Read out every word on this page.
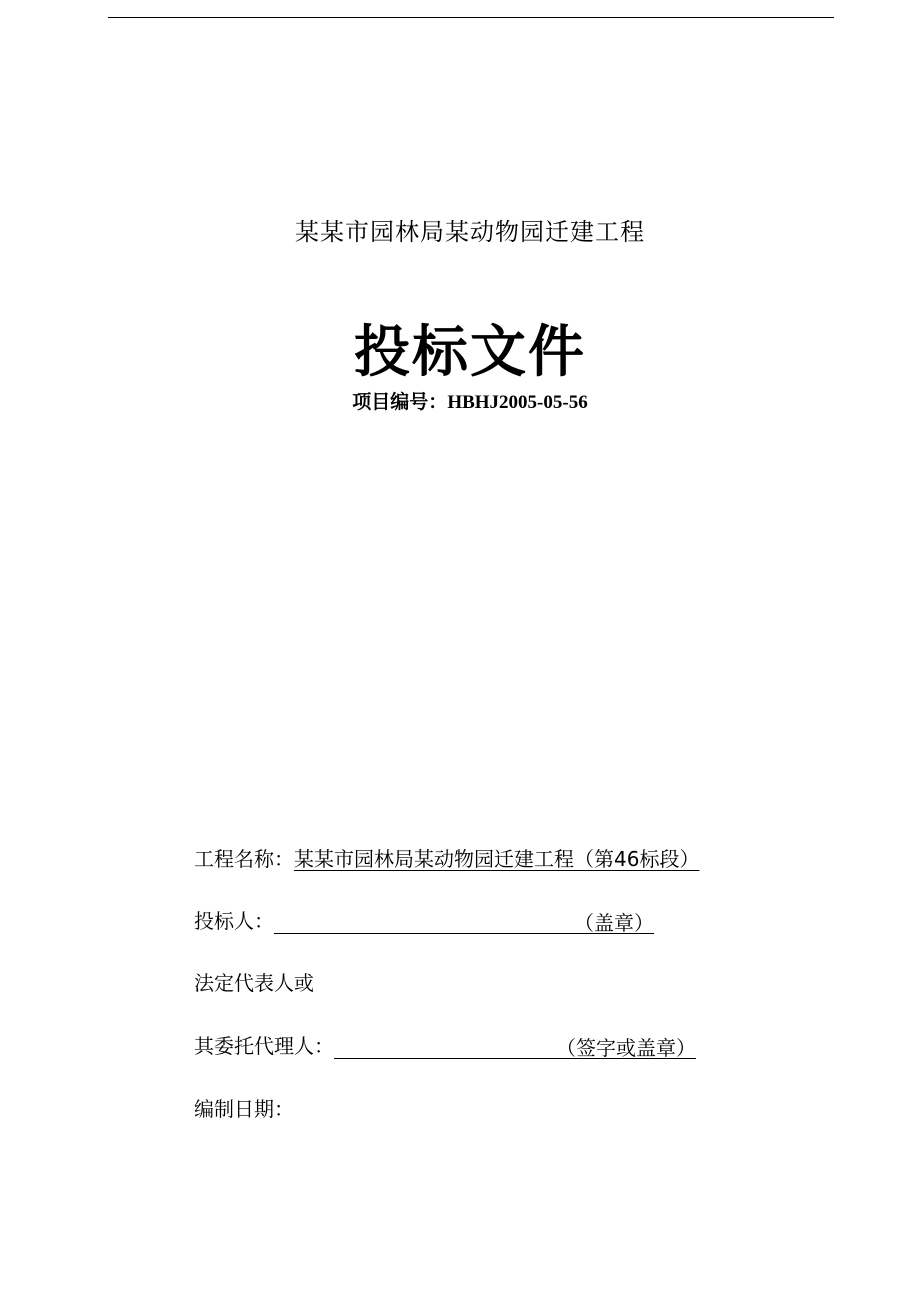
某某市园林局某动物园迁建工程
投标文件
项目编号：HBHJ2005-05-56
工程名称：某某市园林局某动物园迁建工程（第46标段）
投标人：	（盖章）
法定代表人或
其委托代理人：	（签字或盖章）
编制日期：
